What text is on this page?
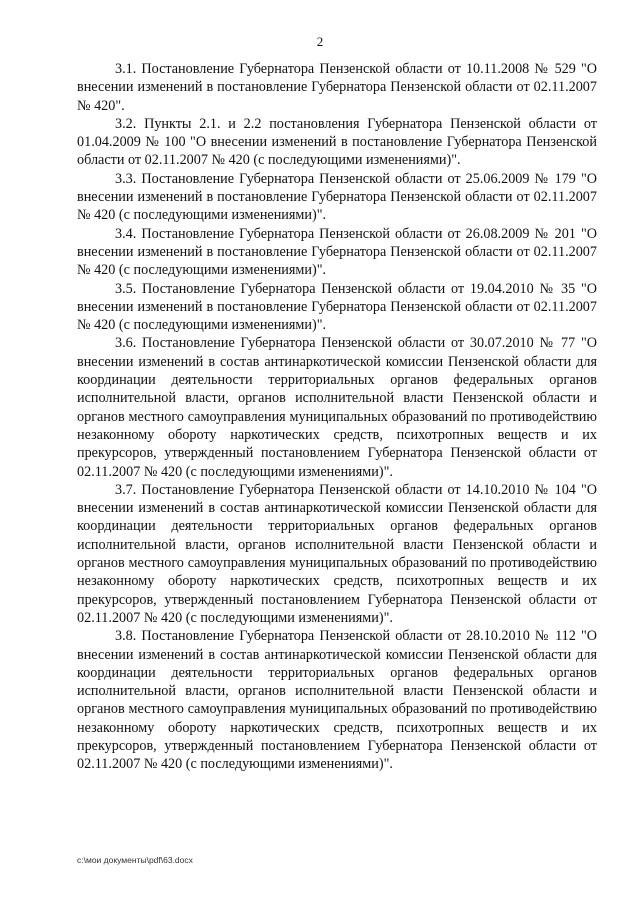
2

3.1. Постановление Губернатора Пензенской области от 10.11.2008 № 529 "О внесении изменений в постановление Губернатора Пензенской области от 02.11.2007 № 420".

3.2. Пункты 2.1. и 2.2 постановления Губернатора Пензенской области от 01.04.2009 № 100 "О внесении изменений в постановление Губернатора Пензенской области от 02.11.2007 № 420 (с последующими изменениями)".

3.3. Постановление Губернатора Пензенской области от 25.06.2009 № 179 "О внесении изменений в постановление Губернатора Пензенской области от 02.11.2007 № 420 (с последующими изменениями)".

3.4. Постановление Губернатора Пензенской области от 26.08.2009 № 201 "О внесении изменений в постановление Губернатора Пензенской области от 02.11.2007 № 420 (с последующими изменениями)".

3.5. Постановление Губернатора Пензенской области от 19.04.2010 № 35 "О внесении изменений в постановление Губернатора Пензенской области от 02.11.2007 № 420 (с последующими изменениями)".

3.6. Постановление Губернатора Пензенской области от 30.07.2010 № 77 "О внесении изменений в состав антинаркотической комиссии Пензенской области для координации деятельности территориальных органов федеральных органов исполнительной власти, органов исполнительной власти Пензенской области и органов местного самоуправления муниципальных образований по противодействию незаконному обороту наркотических средств, психотропных веществ и их прекурсоров, утвержденный постановлением Губернатора Пензенской области от 02.11.2007 № 420 (с последующими изменениями)".

3.7. Постановление Губернатора Пензенской области от 14.10.2010 № 104 "О внесении изменений в состав антинаркотической комиссии Пензенской области для координации деятельности территориальных органов федеральных органов исполнительной власти, органов исполнительной власти Пензенской области и органов местного самоуправления муниципальных образований по противодействию незаконному обороту наркотических средств, психотропных веществ и их прекурсоров, утвержденный постановлением Губернатора Пензенской области от 02.11.2007 № 420 (с последующими изменениями)".

3.8. Постановление Губернатора Пензенской области от 28.10.2010 № 112 "О внесении изменений в состав антинаркотической комиссии Пензенской области для координации деятельности территориальных органов федеральных органов исполнительной власти, органов исполнительной власти Пензенской области и органов местного самоуправления муниципальных образований по противодействию незаконному обороту наркотических средств, психотропных веществ и их прекурсоров, утвержденный постановлением Губернатора Пензенской области от 02.11.2007 № 420 (с последующими изменениями)".

c:\мои документы\pdf\63.docx
